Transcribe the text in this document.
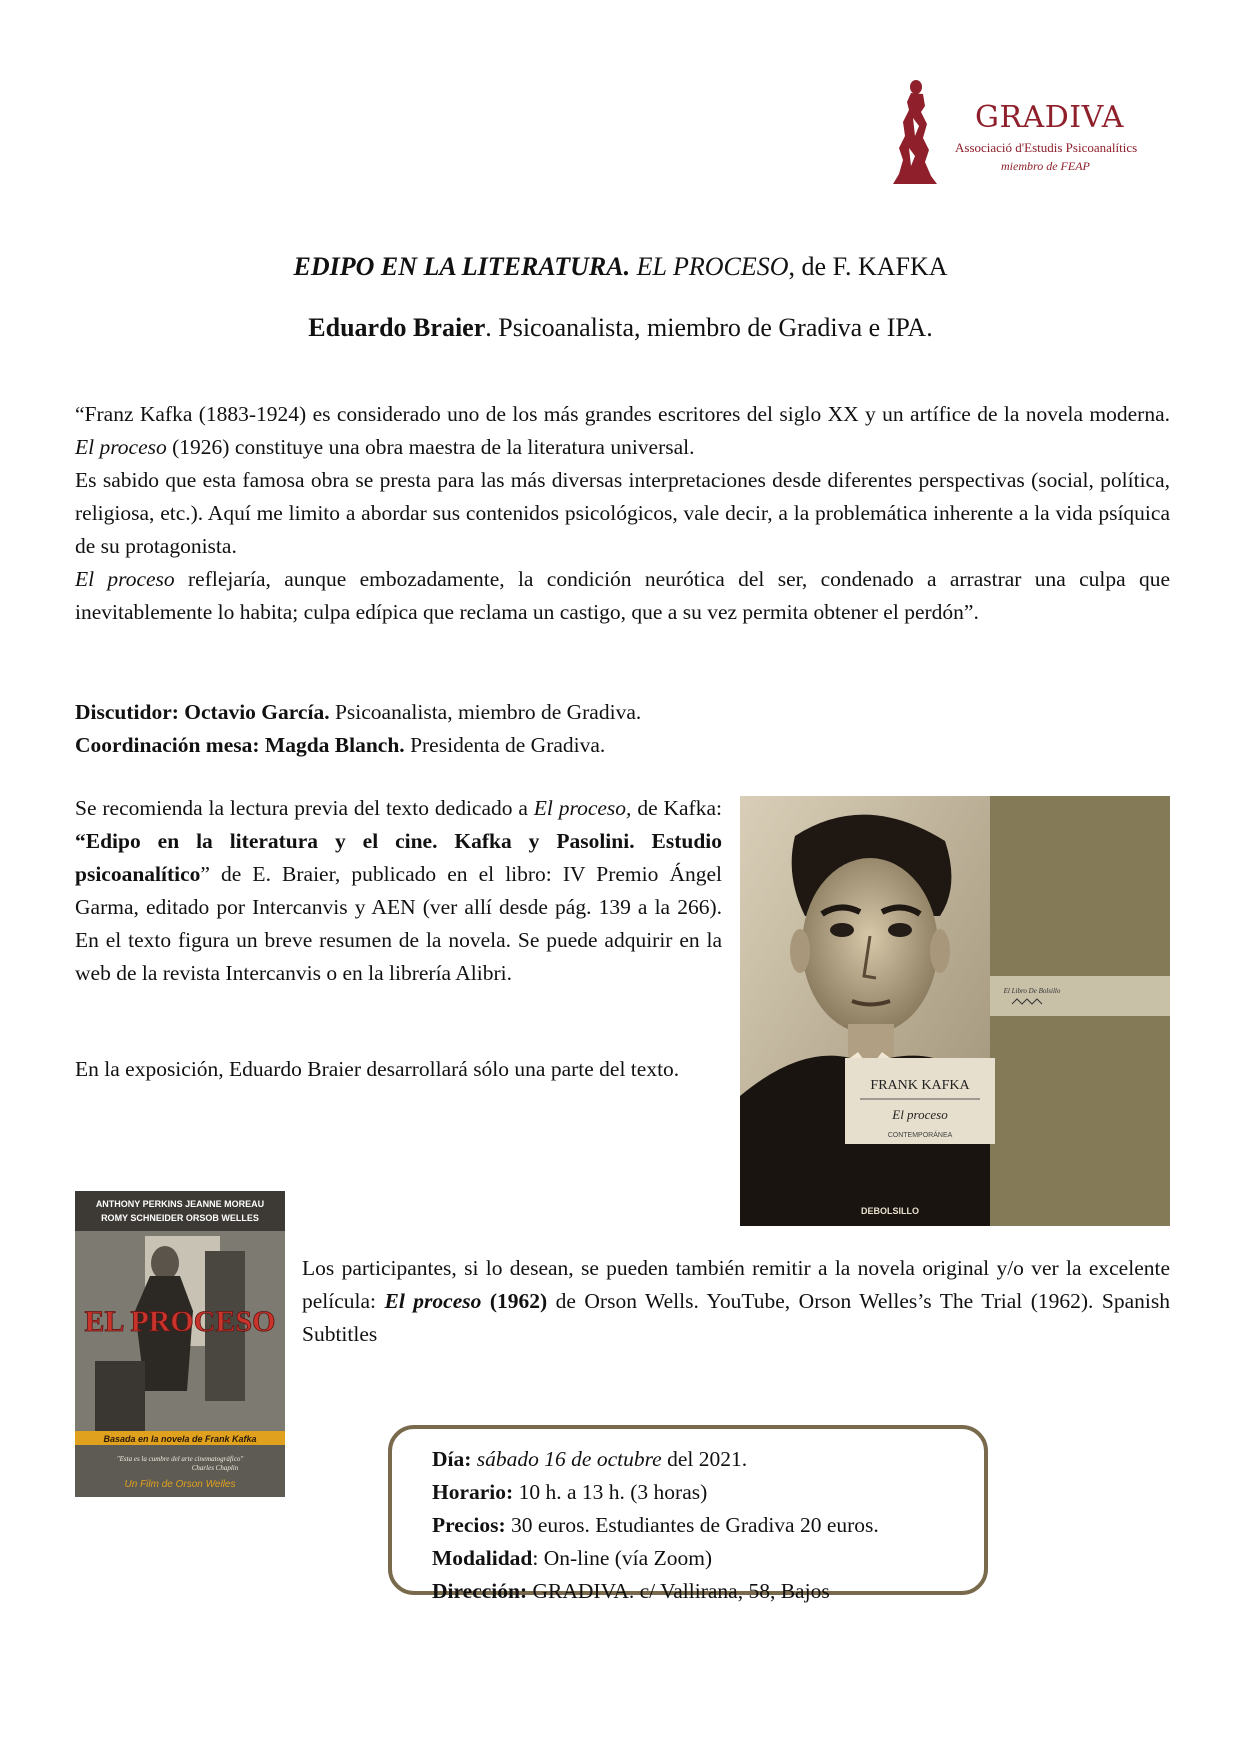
GRADIVA
Associació d'Estudis Psicoanalítics
miembro de FEAP
EDIPO EN LA LITERATURA. EL PROCESO, de F. KAFKA
Eduardo Braier. Psicoanalista, miembro de Gradiva e IPA.

“Franz Kafka (1883-1924) es considerado uno de los más grandes escritores del siglo XX y un artífice de la novela moderna. El proceso (1926) constituye una obra maestra de la literatura universal.

Es sabido que esta famosa obra se presta para las más diversas interpretaciones desde diferentes perspectivas (social, política, religiosa, etc.). Aquí me limito a abordar sus contenidos psicológicos, vale decir, a la problemática inherente a la vida psíquica de su protagonista.

El proceso reflejaría, aunque embozadamente, la condición neurótica del ser, condenado a arrastrar una culpa que inevitablemente lo habita; culpa edípica que reclama un castigo, que a su vez permita obtener el perdón”.

Discutidor: Octavio García. Psicoanalista, miembro de Gradiva.

Coordinación mesa: Magda Blanch. Presidenta de Gradiva.

Se recomienda la lectura previa del texto dedicado a El proceso, de Kafka: “Edipo en la literatura y el cine. Kafka y Pasolini. Estudio psicoanalítico” de E. Braier, publicado en el libro: IV Premio Ángel Garma, editado por Intercanvis y AEN (ver allí desde pág. 139 a la 266). En el texto figura un breve resumen de la novela. Se puede adquirir en la web de la revista Intercanvis o en la librería Alibri.

En la exposición, Eduardo Braier desarrollará sólo una parte del texto.

FRANK KAFKA
El proceso
CONTEMPORÁNEA
DEBOLSILLO
El Libro De Bolsillo
ANTHONY PERKINS JEANNE MOREAU
ROMY SCHNEIDER ORSOB WELLES
EL PROCESO
Basada en la novela de Frank Kafka
"Esta es la cumbre del arte cinematográfico"
Charles Chaplin
Un Film de Orson Welles

Los participantes, si lo desean, se pueden también remitir a la novela original y/o ver la excelente película: El proceso (1962) de Orson Wells. YouTube, Orson Welles’s The Trial (1962). Spanish Subtitles

Día: sábado 16 de octubre del 2021.
Horario: 10 h. a 13 h. (3 horas)
Precios: 30 euros. Estudiantes de Gradiva 20 euros.
Modalidad: On-line (vía Zoom)
Dirección: GRADIVA. c/ Vallirana, 58, Bajos
